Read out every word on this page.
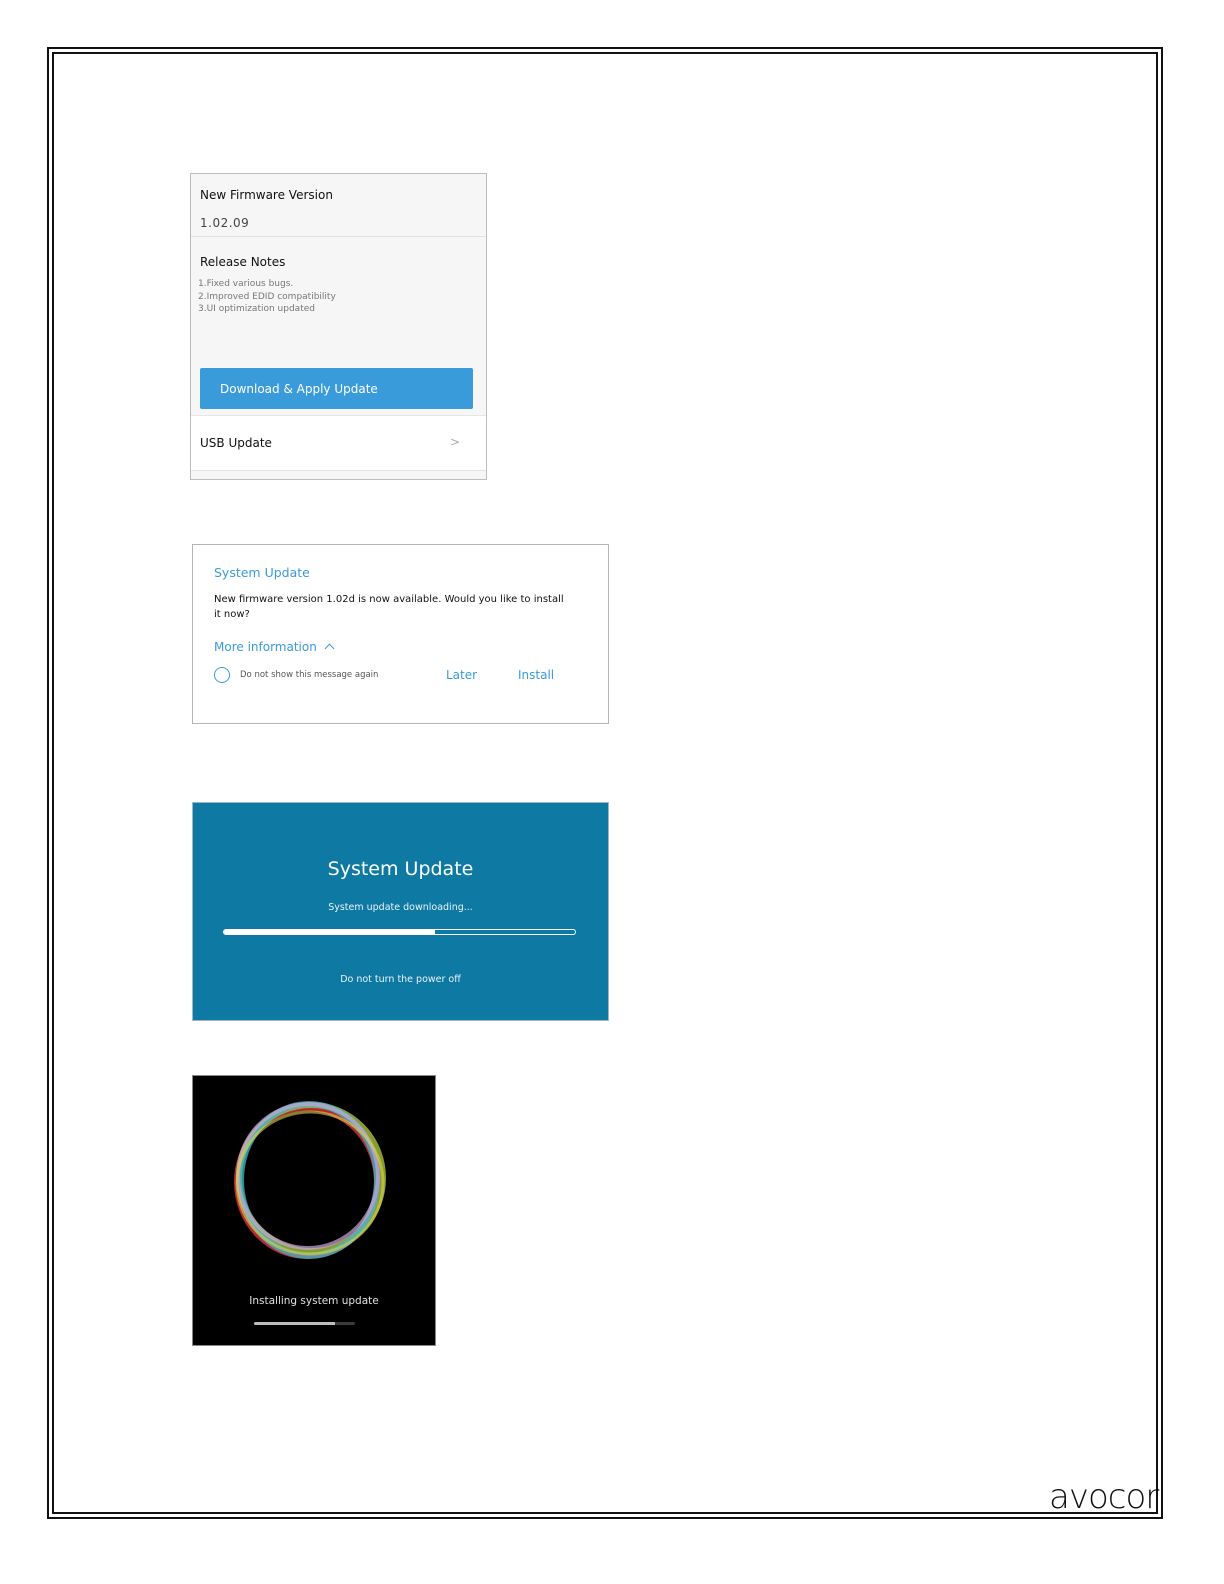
New Firmware Version
1.02.09
Release Notes
1.Fixed various bugs.
2.Improved EDID compatibility
3.UI optimization updated
Download & Apply Update
USB Update	>
System Update
New firmware version 1.02d is now available. Would you like to install it now?
More information
Do not show this message again	Later	Install
System Update
System update downloading...
Do not turn the power off
Installing system update
avocor
